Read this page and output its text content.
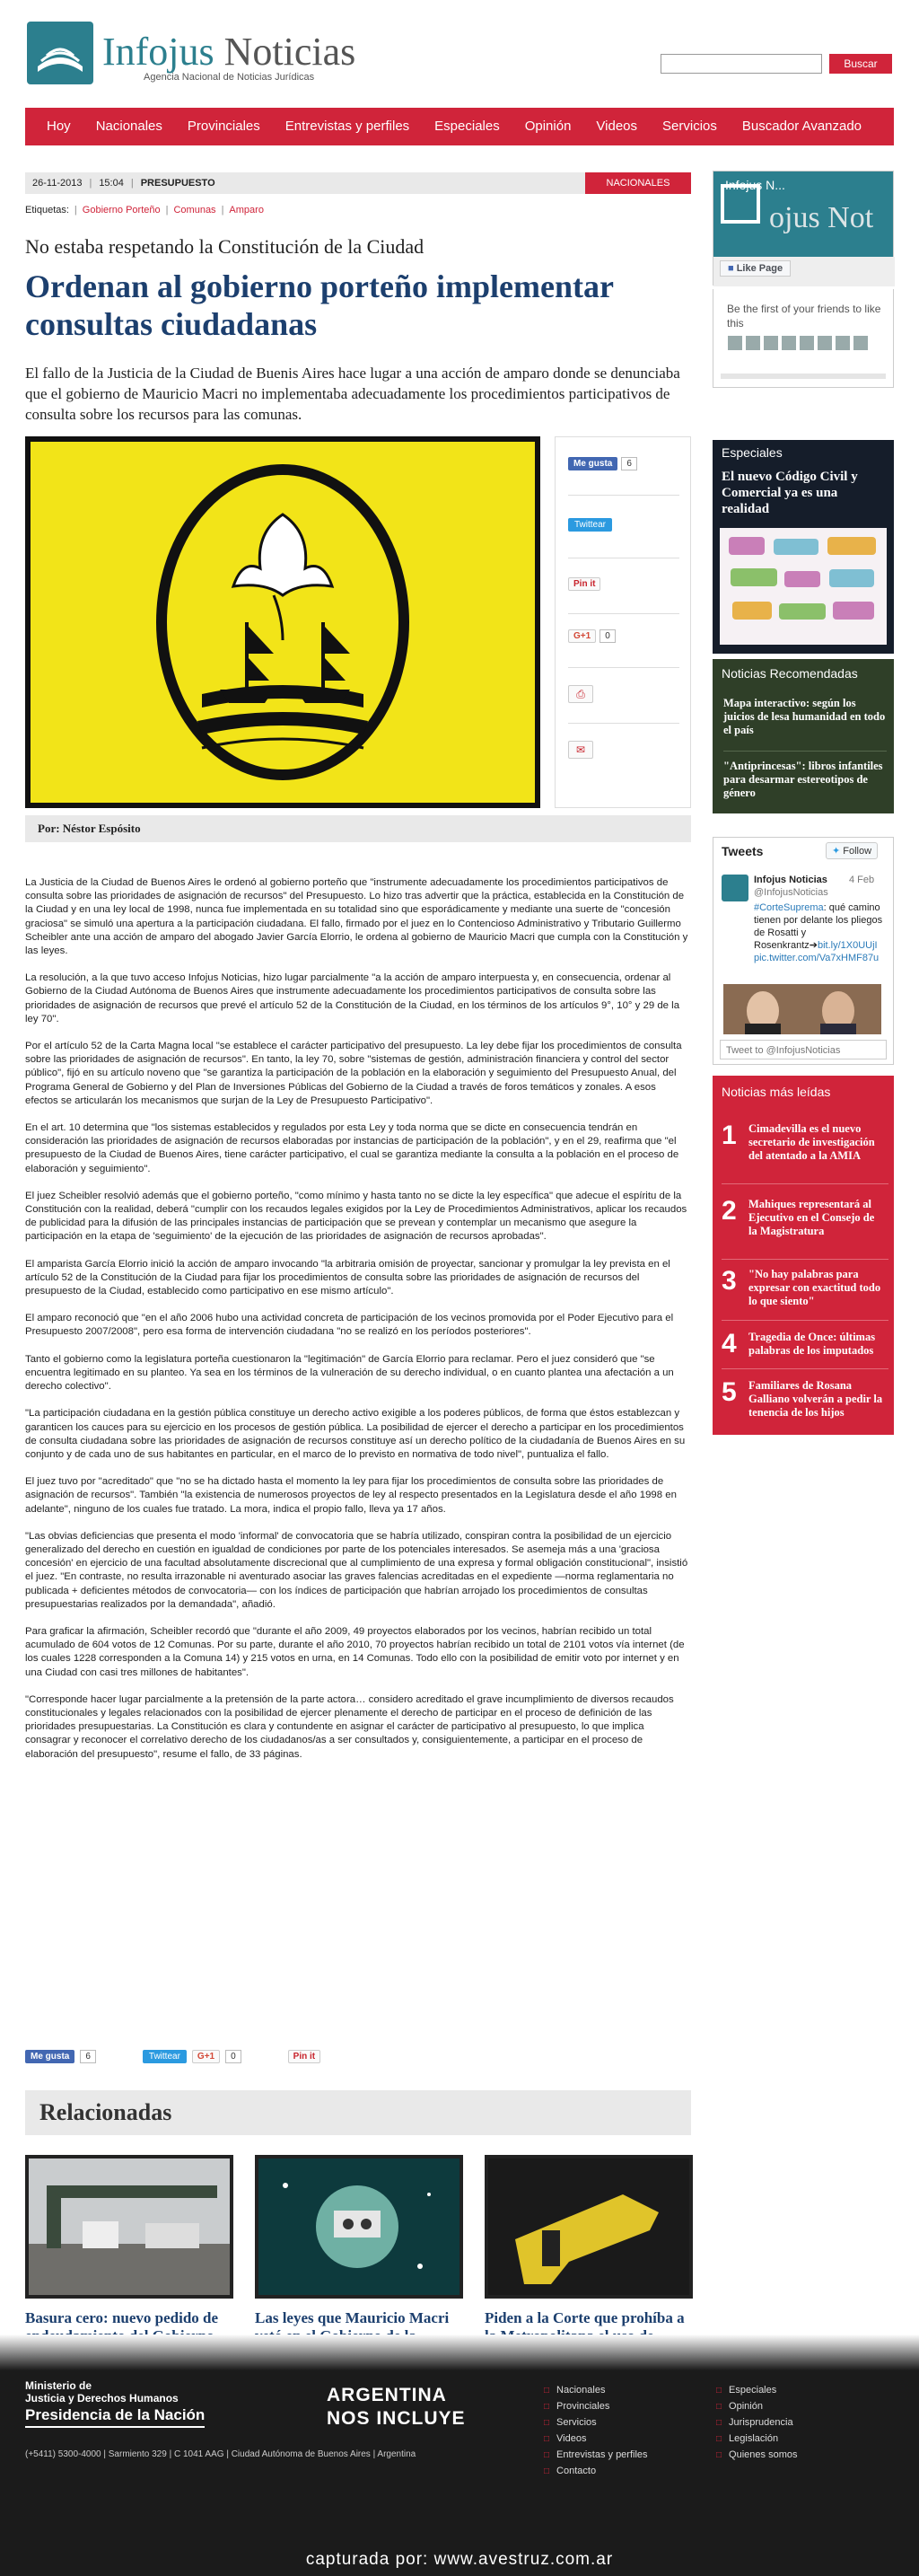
Infojus Noticias
Agencia Nacional de Noticias Jurídicas
Buscar
Hoy	Nacionales	Provinciales	Entrevistas y perfiles	Especiales	Opinión	Videos	Servicios	Buscador Avanzado
26-11-2013 | 15:04 | PRESUPUESTO	NACIONALES
Etiquetas: | Gobierno Porteño | Comunas | Amparo
No estaba respetando la Constitución de la Ciudad
Ordenan al gobierno porteño implementar consultas ciudadanas
El fallo de la Justicia de la Ciudad de Buenis Aires hace lugar a una acción de amparo donde se denunciaba que el gobierno de Mauricio Macri no implementaba adecuadamente los procedimientos participativos de consulta sobre los recursos para las comunas.
Me gusta	6
Twittear
Pin it
G+1	0
⎙
✉
Por: Néstor Espósito

La Justicia de la Ciudad de Buenos Aires le ordenó al gobierno porteño que "instrumente adecuadamente los procedimientos participativos de consulta sobre las prioridades de asignación de recursos" del Presupuesto. Lo hizo tras advertir que la práctica, establecida en la Constitución de la Ciudad y en una ley local de 1998, nunca fue implementada en su totalidad sino que esporádicamente y mediante una suerte de "concesión graciosa" se simuló una apertura a la participación ciudadana. El fallo, firmado por el juez en lo Contencioso Administrativo y Tributario Guillermo Scheibler ante una acción de amparo del abogado Javier García Elorrio, le ordena al gobierno de Mauricio Macri que cumpla con la Constitución y las leyes.

La resolución, a la que tuvo acceso Infojus Noticias, hizo lugar parcialmente "a la acción de amparo interpuesta y, en consecuencia, ordenar al Gobierno de la Ciudad Autónoma de Buenos Aires que instrumente adecuadamente los procedimientos participativos de consulta sobre las prioridades de asignación de recursos que prevé el artículo 52 de la Constitución de la Ciudad, en los términos de los artículos 9°, 10° y 29 de la ley 70".

Por el artículo 52 de la Carta Magna local "se establece el carácter participativo del presupuesto. La ley debe fijar los procedimientos de consulta sobre las prioridades de asignación de recursos". En tanto, la ley 70, sobre "sistemas de gestión, administración financiera y control del sector público", fijó en su artículo noveno que "se garantiza la participación de la población en la elaboración y seguimiento del Presupuesto Anual, del Programa General de Gobierno y del Plan de Inversiones Públicas del Gobierno de la Ciudad a través de foros temáticos y zonales. A esos efectos se articularán los mecanismos que surjan de la Ley de Presupuesto Participativo".

En el art. 10 determina que "los sistemas establecidos y regulados por esta Ley y toda norma que se dicte en consecuencia tendrán en consideración las prioridades de asignación de recursos elaboradas por instancias de participación de la población", y en el 29, reafirma que "el presupuesto de la Ciudad de Buenos Aires, tiene carácter participativo, el cual se garantiza mediante la consulta a la población en el proceso de elaboración y seguimiento".

El juez Scheibler resolvió además que el gobierno porteño, "como mínimo y hasta tanto no se dicte la ley específica" que adecue el espíritu de la Constitución con la realidad, deberá "cumplir con los recaudos legales exigidos por la Ley de Procedimientos Administrativos, aplicar los recaudos de publicidad para la difusión de las principales instancias de participación que se prevean y contemplar un mecanismo que asegure la participación en la etapa de 'seguimiento' de la ejecución de las prioridades de asignación de recursos aprobadas".

El amparista García Elorrio inició la acción de amparo invocando "la arbitraria omisión de proyectar, sancionar y promulgar la ley prevista en el artículo 52 de la Constitución de la Ciudad para fijar los procedimientos de consulta sobre las prioridades de asignación de recursos del presupuesto de la Ciudad, establecido como participativo en ese mismo artículo".

El amparo reconoció que "en el año 2006 hubo una actividad concreta de participación de los vecinos promovida por el Poder Ejecutivo para el Presupuesto 2007/2008", pero esa forma de intervención ciudadana "no se realizó en los períodos posteriores".

Tanto el gobierno como la legislatura porteña cuestionaron la "legitimación" de García Elorrio para reclamar. Pero el juez consideró que "se encuentra legitimado en su planteo. Ya sea en los términos de la vulneración de su derecho individual, o en cuanto plantea una afectación a un derecho colectivo".

"La participación ciudadana en la gestión pública constituye un derecho activo exigible a los poderes públicos, de forma que éstos establezcan y garanticen los cauces para su ejercicio en los procesos de gestión pública. La posibilidad de ejercer el derecho a participar en los procedimientos de consulta ciudadana sobre las prioridades de asignación de recursos constituye así un derecho político de la ciudadanía de Buenos Aires en su conjunto y de cada uno de sus habitantes en particular, en el marco de lo previsto en normativa de todo nivel", puntualiza el fallo.

El juez tuvo por "acreditado" que "no se ha dictado hasta el momento la ley para fijar los procedimientos de consulta sobre las prioridades de asignación de recursos". También "la existencia de numerosos proyectos de ley al respecto presentados en la Legislatura desde el año 1998 en adelante", ninguno de los cuales fue tratado. La mora, indica el propio fallo, lleva ya 17 años.

"Las obvias deficiencias que presenta el modo 'informal' de convocatoria que se habría utilizado, conspiran contra la posibilidad de un ejercicio generalizado del derecho en cuestión en igualdad de condiciones por parte de los potenciales interesados. Se asemeja más a una 'graciosa concesión' en ejercicio de una facultad absolutamente discrecional que al cumplimiento de una expresa y formal obligación constitucional", insistió el juez. "En contraste, no resulta irrazonable ni aventurado asociar las graves falencias acreditadas en el expediente —norma reglamentaria no publicada + deficientes métodos de convocatoria— con los índices de participación que habrían arrojado los procedimientos de consultas presupuestarias realizados por la demandada", añadió.

Para graficar la afirmación, Scheibler recordó que "durante el año 2009, 49 proyectos elaborados por los vecinos, habrían recibido un total acumulado de 604 votos de 12 Comunas. Por su parte, durante el año 2010, 70 proyectos habrían recibido un total de 2101 votos vía internet (de los cuales 1228 corresponden a la Comuna 14) y 215 votos en urna, en 14 Comunas. Todo ello con la posibilidad de emitir voto por internet y en una Ciudad con casi tres millones de habitantes".

"Corresponde hacer lugar parcialmente a la pretensión de la parte actora… considero acreditado el grave incumplimiento de diversos recaudos constitucionales y legales relacionados con la posibilidad de ejercer plenamente el derecho de participar en el proceso de definición de las prioridades presupuestarias. La Constitución es clara y contundente en asignar el carácter de participativo al presupuesto, lo que implica consagrar y reconocer el correlativo derecho de los ciudadanos/as a ser consultados y, consiguientemente, a participar en el proceso de elaboración del presupuesto", resume el fallo, de 33 páginas.

Me gusta	6	Twittear	G+1	0	Pin it
Relacionadas
Basura cero: nuevo pedido de	Las leyes que Mauricio Macri	Piden a la Corte que prohíba a
ojus Not
Infojus N...
■ Like Page
Be the first of your friends to like this
Especiales
El nuevo Código Civil y Comercial ya es una realidad
Noticias Recomendadas
Mapa interactivo: según los juicios de lesa humanidad en todo el país
"Antiprincesas": libros infantiles para desarmar estereotipos de género
Tweets	✦ Follow
Infojus Noticias
@InfojusNoticias
4 Feb
#CorteSuprema: qué camino tienen por delante los pliegos de Rosatti y Rosenkrantz➔bit.ly/1X0UUjI pic.twitter.com/Va7xHMF87u
Tweet to @InfojusNoticias
Noticias más leídas
1	Cimadevilla es el nuevo secretario de investigación del atentado a la AMIA
2	Mahiques representará al Ejecutivo en el Consejo de la Magistratura
3	"No hay palabras para expresar con exactitud todo lo que siento"
4	Tragedia de Once: últimas palabras de los imputados
5	Familiares de Rosana Galliano volverán a pedir la tenencia de los hijos
Ministerio de
Justicia y Derechos Humanos
Presidencia de la Nación
ARGENTINA
NOS INCLUYE
(+5411) 5300-4000 | Sarmiento 329 | C 1041 AAG | Ciudad Autónoma de Buenos Aires | Argentina
□ Nacionales
□ Provinciales
□ Servicios
□ Videos
□ Entrevistas y perfiles
□ Contacto
□ Especiales
□ Opinión
□ Jurisprudencia
□ Legislación
□ Quienes somos
capturada por: www.avestruz.com.ar
